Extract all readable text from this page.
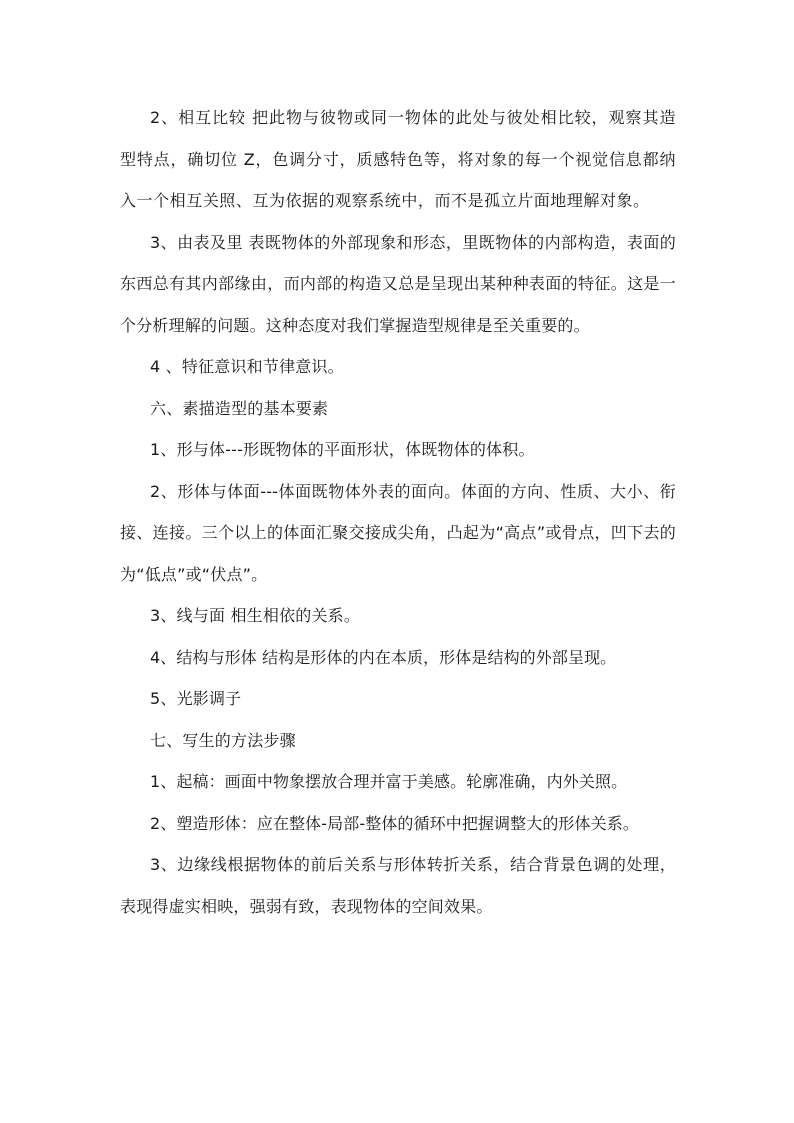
2、相互比较 把此物与彼物或同一物体的此处与彼处相比较，观察其造型特点，确切位 Z，色调分寸，质感特色等，将对象的每一个视觉信息都纳入一个相互关照、互为依据的观察系统中，而不是孤立片面地理解对象。

3、由表及里 表既物体的外部现象和形态，里既物体的内部构造，表面的东西总有其内部缘由，而内部的构造又总是呈现出某种种表面的特征。这是一个分析理解的问题。这种态度对我们掌握造型规律是至关重要的。

4 、特征意识和节律意识。

六、素描造型的基本要素

1、形与体---形既物体的平面形状，体既物体的体积。

2、形体与体面---体面既物体外表的面向。体面的方向、性质、大小、衔接、连接。三个以上的体面汇聚交接成尖角，凸起为“高点”或骨点，凹下去的为“低点”或“伏点”。

3、线与面 相生相依的关系。

4、结构与形体 结构是形体的内在本质，形体是结构的外部呈现。

5、光影调子

七、写生的方法步骤

1、起稿：画面中物象摆放合理并富于美感。轮廓准确，内外关照。

2、塑造形体：应在整体-局部-整体的循环中把握调整大的形体关系。

3、边缘线根据物体的前后关系与形体转折关系，结合背景色调的处理，表现得虚实相映，强弱有致，表现物体的空间效果。
